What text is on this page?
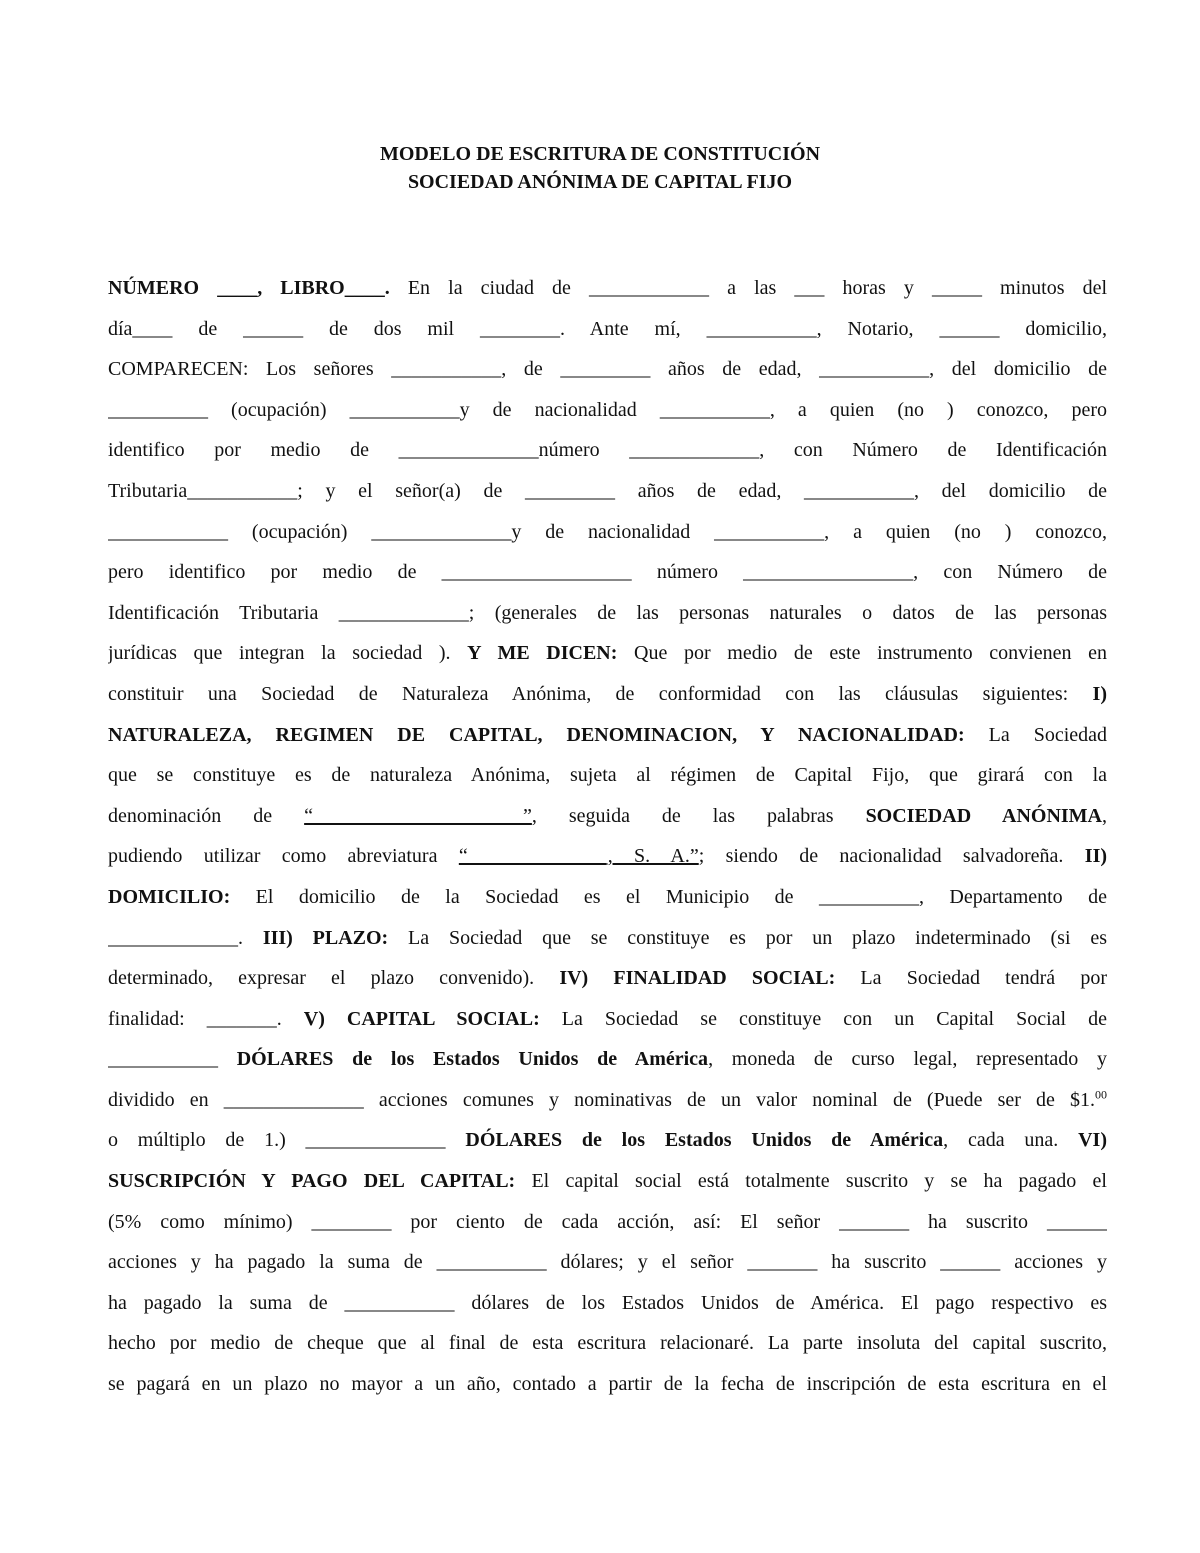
MODELO DE ESCRITURA DE CONSTITUCIÓN

SOCIEDAD ANÓNIMA DE CAPITAL FIJO

NÚMERO ____, LIBRO____. En la ciudad de ____________ a las ___ horas y _____ minutos del
día____ de ______ de dos mil ________. Ante mí, ___________, Notario, ______ domicilio,
COMPARECEN: Los señores ___________, de _________ años de edad, ___________, del domicilio de
__________ (ocupación) ___________y de nacionalidad ___________, a quien (no ) conozco, pero
identifico por medio de ______________número _____________, con Número de Identificación
Tributaria___________; y el señor(a) de _________ años de edad, ___________, del domicilio de
____________ (ocupación) ______________y de nacionalidad ___________, a quien (no ) conozco,
pero identifico por medio de ___________________ número _________________, con Número de
Identificación Tributaria _____________; (generales de las personas naturales o datos de las personas
jurídicas que integran la sociedad ). Y ME DICEN: Que por medio de este instrumento convienen en
constituir una Sociedad de Naturaleza Anónima, de conformidad con las cláusulas siguientes: I)
NATURALEZA, REGIMEN DE CAPITAL, DENOMINACION, Y NACIONALIDAD: La Sociedad
que se constituye es de naturaleza Anónima, sujeta al régimen de Capital Fijo, que girará con la
denominación de “_____________________”, seguida de las palabras SOCIEDAD ANÓNIMA,
pudiendo utilizar como abreviatura “______________, S. A.”; siendo de nacionalidad salvadoreña. II)
DOMICILIO: El domicilio de la Sociedad es el Municipio de __________, Departamento de
_____________. III) PLAZO: La Sociedad que se constituye es por un plazo indeterminado (si es
determinado, expresar el plazo convenido). IV) FINALIDAD SOCIAL: La Sociedad tendrá por
finalidad: _______. V) CAPITAL SOCIAL: La Sociedad se constituye con un Capital Social de
___________ DÓLARES de los Estados Unidos de América, moneda de curso legal, representado y
dividido en ______________ acciones comunes y nominativas de un valor nominal de (Puede ser de $1.00
o múltiplo de 1.) ______________ DÓLARES de los Estados Unidos de América, cada una. VI)
SUSCRIPCIÓN Y PAGO DEL CAPITAL: El capital social está totalmente suscrito y se ha pagado el
(5% como mínimo) ________ por ciento de cada acción, así: El señor _______ ha suscrito ______
acciones y ha pagado la suma de ___________ dólares; y el señor _______ ha suscrito ______ acciones y
ha pagado la suma de ___________ dólares de los Estados Unidos de América. El pago respectivo es
hecho por medio de cheque que al final de esta escritura relacionaré. La parte insoluta del capital suscrito,
se pagará en un plazo no mayor a un año, contado a partir de la fecha de inscripción de esta escritura en el
